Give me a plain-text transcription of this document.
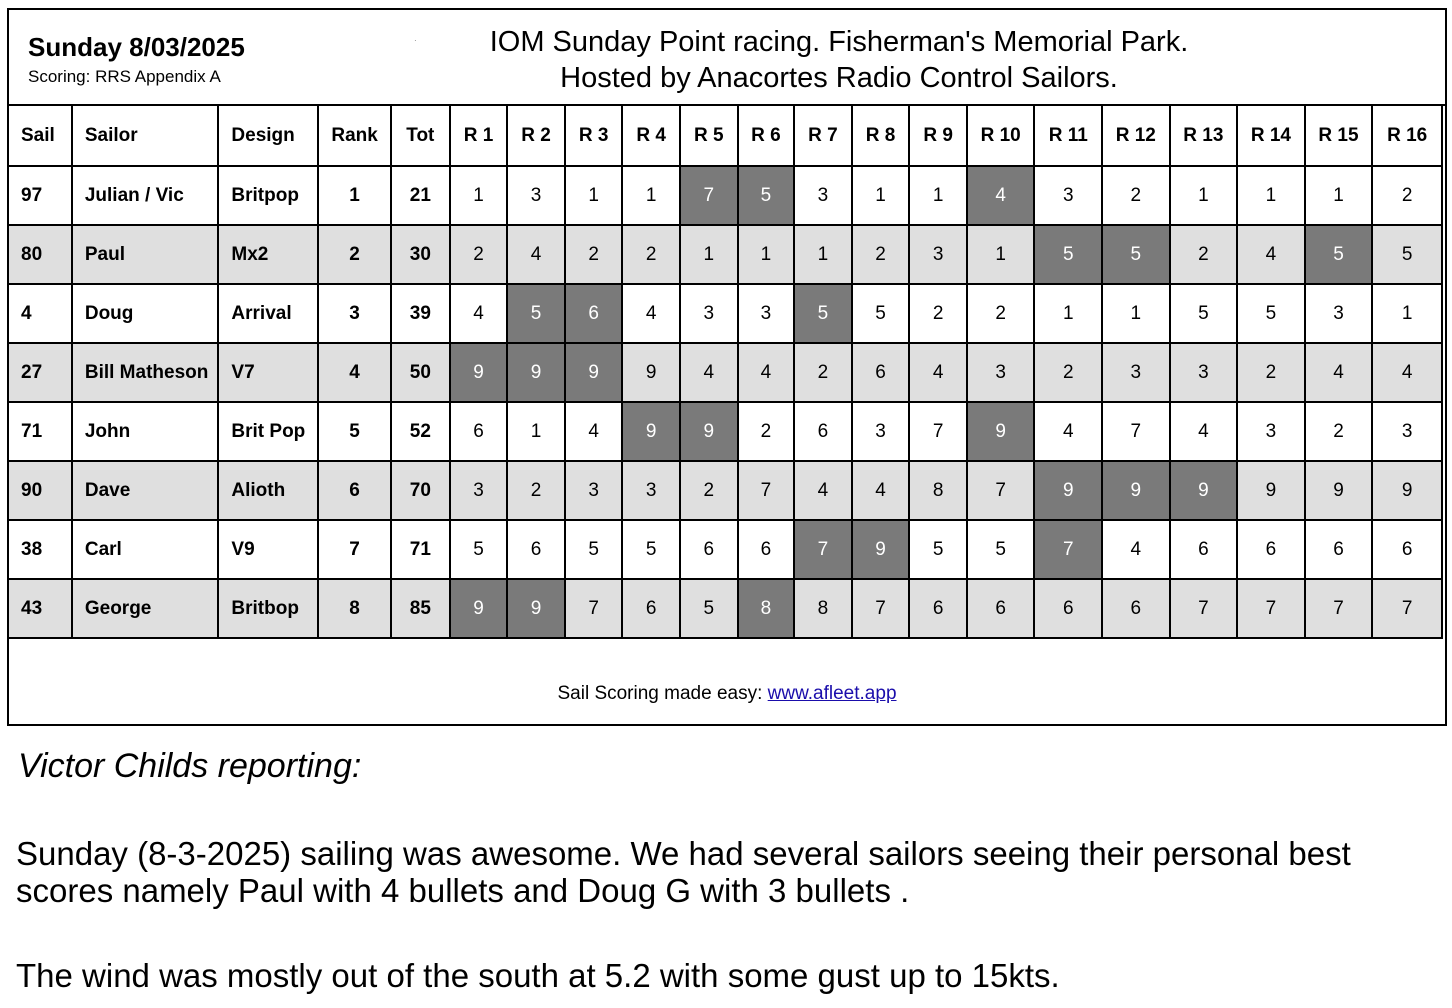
Sunday 8/03/2025
Scoring: RRS Appendix A
·	IOM Sunday Point racing. Fisherman's Memorial Park.
Hosted by Anacortes Radio Control Sailors.
Sail	Sailor	Design	Rank	Tot	R 1	R 2	R 3	R 4	R 5	R 6	R 7	R 8	R 9	R 10	R 11	R 12	R 13	R 14	R 15	R 16
97	Julian / Vic	Britpop	1	21	1	3	1	1	7	5	3	1	1	4	3	2	1	1	1	2
80	Paul	Mx2	2	30	2	4	2	2	1	1	1	2	3	1	5	5	2	4	5	5
4	Doug	Arrival	3	39	4	5	6	4	3	3	5	5	2	2	1	1	5	5	3	1
27	Bill Matheson	V7	4	50	9	9	9	9	4	4	2	6	4	3	2	3	3	2	4	4
71	John	Brit Pop	5	52	6	1	4	9	9	2	6	3	7	9	4	7	4	3	2	3
90	Dave	Alioth	6	70	3	2	3	3	2	7	4	4	8	7	9	9	9	9	9	9
38	Carl	V9	7	71	5	6	5	5	6	6	7	9	5	5	7	4	6	6	6	6
43	George	Britbop	8	85	9	9	7	6	5	8	8	7	6	6	6	6	7	7	7	7
Sail Scoring made easy: www.afleet.app
Victor Childs reporting:
Sunday (8-3-2025) sailing was awesome. We had several sailors seeing their personal best
scores namely Paul with 4 bullets and Doug G with 3 bullets .
The wind was mostly out of the south at 5.2 with some gust up to 15kts.
